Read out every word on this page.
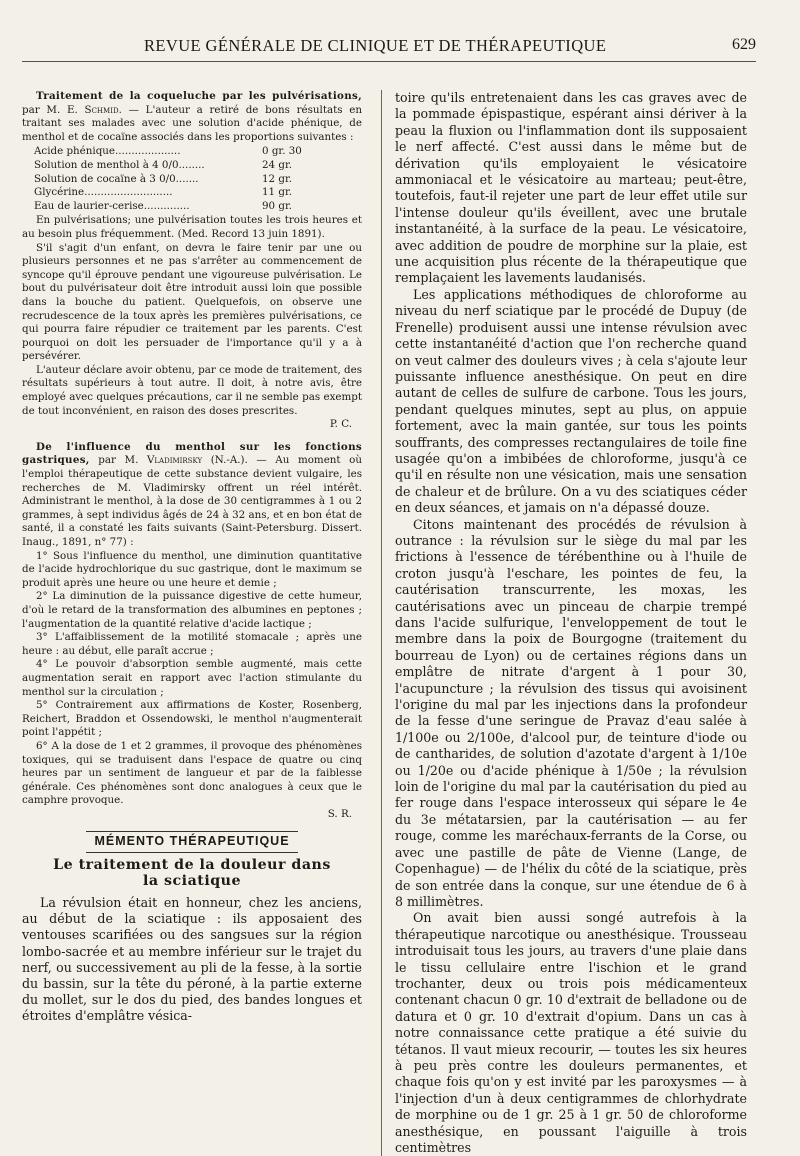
REVUE GÉNÉRALE DE CLINIQUE ET DE THÉRAPEUTIQUE	629

Traitement de la coqueluche par les pulvérisations, par M. E. Schmid. — L'auteur a retiré de bons résultats en traitant ses malades avec une solution d'acide phénique, de menthol et de cocaïne associés dans les proportions suivantes :

Acide phénique....................	0 gr. 30
Solution de menthol à 4 0/0........	24 gr.
Solution de cocaïne à 3 0/0.......	12 gr.
Glycérine...........................	11 gr.
Eau de laurier-cerise..............	90 gr.

En pulvérisations; une pulvérisation toutes les trois heures et au besoin plus fréquemment. (Med. Record 13 juin 1891).

S'il s'agit d'un enfant, on devra le faire tenir par une ou plusieurs personnes et ne pas s'arrêter au commencement de syncope qu'il éprouve pendant une vigoureuse pulvérisation. Le bout du pulvérisateur doit être introduit aussi loin que possible dans la bouche du patient. Quelquefois, on observe une recrudescence de la toux après les premières pulvérisations, ce qui pourra faire répudier ce traitement par les parents. C'est pourquoi on doit les persuader de l'importance qu'il y a à persévérer.

L'auteur déclare avoir obtenu, par ce mode de traitement, des résultats supérieurs à tout autre. Il doit, à notre avis, être employé avec quelques précautions, car il ne semble pas exempt de tout inconvénient, en raison des doses prescrites.

P. C.

De l'influence du menthol sur les fonctions gastriques, par M. Vladimirsky (N.-A.). — Au moment où l'emploi thérapeutique de cette substance devient vulgaire, les recherches de M. Vladimirsky offrent un réel intérêt. Administrant le menthol, à la dose de 30 centigrammes à 1 ou 2 grammes, à sept individus âgés de 24 à 32 ans, et en bon état de santé, il a constaté les faits suivants (Saint-Petersburg. Dissert. Inaug., 1891, n° 77) :

1° Sous l'influence du menthol, une diminution quantitative de l'acide hydrochlorique du suc gastrique, dont le maximum se produit après une heure ou une heure et demie ;

2° La diminution de la puissance digestive de cette humeur, d'où le retard de la transformation des albumines en peptones ; l'augmentation de la quantité relative d'acide lactique ;

3° L'affaiblissement de la motilité stomacale ; après une heure : au début, elle paraît accrue ;

4° Le pouvoir d'absorption semble augmenté, mais cette augmentation serait en rapport avec l'action stimulante du menthol sur la circulation ;

5° Contrairement aux affirmations de Koster, Rosenberg, Reichert, Braddon et Ossendowski, le menthol n'augmenterait point l'appétit ;

6° A la dose de 1 et 2 grammes, il provoque des phénomènes toxiques, qui se traduisent dans l'espace de quatre ou cinq heures par un sentiment de langueur et par de la faiblesse générale. Ces phénomènes sont donc analogues à ceux que le camphre provoque.

S. R.
MÉMENTO THÉRAPEUTIQUE
Le traitement de la douleur dans
la sciatique

La révulsion était en honneur, chez les anciens, au début de la sciatique : ils apposaient des ventouses scarifiées ou des sangsues sur la région lombo-sacrée et au membre inférieur sur le trajet du nerf, ou successivement au pli de la fesse, à la sortie du bassin, sur la tête du péroné, à la partie externe du mollet, sur le dos du pied, des bandes longues et étroites d'emplâtre vésica-

toire qu'ils entretenaient dans les cas graves avec de la pommade épispastique, espérant ainsi dériver à la peau la fluxion ou l'inflammation dont ils supposaient le nerf affecté. C'est aussi dans le même but de dérivation qu'ils employaient le vésicatoire ammoniacal et le vésicatoire au marteau; peut-être, toutefois, faut-il rejeter une part de leur effet utile sur l'intense douleur qu'ils éveillent, avec une brutale instantanéité, à la surface de la peau. Le vésicatoire, avec addition de poudre de morphine sur la plaie, est une acquisition plus récente de la thérapeutique que remplaçaient les lavements laudanisés.

Les applications méthodiques de chloroforme au niveau du nerf sciatique par le procédé de Dupuy (de Frenelle) produisent aussi une intense révulsion avec cette instantanéité d'action que l'on recherche quand on veut calmer des douleurs vives ; à cela s'ajoute leur puissante influence anesthésique. On peut en dire autant de celles de sulfure de carbone. Tous les jours, pendant quelques minutes, sept au plus, on appuie fortement, avec la main gantée, sur tous les points souffrants, des compresses rectangulaires de toile fine usagée qu'on a imbibées de chloroforme, jusqu'à ce qu'il en résulte non une vésication, mais une sensation de chaleur et de brûlure. On a vu des sciatiques céder en deux séances, et jamais on n'a dépassé douze.

Citons maintenant des procédés de révulsion à outrance : la révulsion sur le siège du mal par les frictions à l'essence de térébenthine ou à l'huile de croton jusqu'à l'eschare, les pointes de feu, la cautérisation transcurrente, les moxas, les cautérisations avec un pinceau de charpie trempé dans l'acide sulfurique, l'enveloppement de tout le membre dans la poix de Bourgogne (traitement du bourreau de Lyon) ou de certaines régions dans un emplâtre de nitrate d'argent à 1 pour 30, l'acupuncture ; la révulsion des tissus qui avoisinent l'origine du mal par les injections dans la profondeur de la fesse d'une seringue de Pravaz d'eau salée à 1/100e ou 2/100e, d'alcool pur, de teinture d'iode ou de cantharides, de solution d'azotate d'argent à 1/10e ou 1/20e ou d'acide phénique à 1/50e ; la révulsion loin de l'origine du mal par la cautérisation du pied au fer rouge dans l'espace interosseux qui sépare le 4e du 3e métatarsien, par la cautérisation — au fer rouge, comme les maréchaux-ferrants de la Corse, ou avec une pastille de pâte de Vienne (Lange, de Copenhague) — de l'hélix du côté de la sciatique, près de son entrée dans la conque, sur une étendue de 6 à 8 millimètres.

On avait bien aussi songé autrefois à la thérapeutique narcotique ou anesthésique. Trousseau introduisait tous les jours, au travers d'une plaie dans le tissu cellulaire entre l'ischion et le grand trochanter, deux ou trois pois médicamenteux contenant chacun 0 gr. 10 d'extrait de belladone ou de datura et 0 gr. 10 d'extrait d'opium. Dans un cas à notre connaissance cette pratique a été suivie du tétanos. Il vaut mieux recourir, — toutes les six heures à peu près contre les douleurs permanentes, et chaque fois qu'on y est invité par les paroxysmes — à l'injection d'un à deux centigrammes de chlorhydrate de morphine ou de 1 gr. 25 à 1 gr. 50 de chloroforme anesthésique, en poussant l'aiguille à trois centimètres
